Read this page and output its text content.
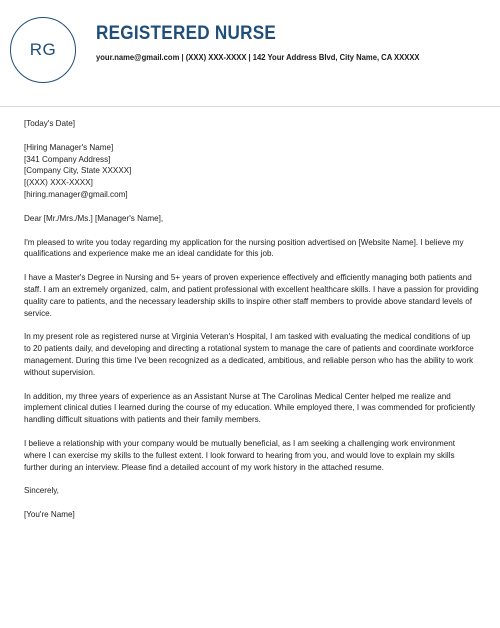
RG
REGISTERED NURSE
your.name@gmail.com | (XXX) XXX-XXXX | 142 Your Address Blvd, City Name, CA XXXXX

[Today's Date]

[Hiring Manager's Name]
[341 Company Address]
[Company City, State XXXXX]
[(XXX) XXX-XXXX]
[hiring.manager@gmail.com]

Dear [Mr./Mrs./Ms.] [Manager's Name],

I'm pleased to write you today regarding my application for the nursing position advertised on [Website Name]. I believe my qualifications and experience make me an ideal candidate for this job.

I have a Master's Degree in Nursing and 5+ years of proven experience effectively and efficiently managing both patients and staff. I am an extremely organized, calm, and patient professional with excellent healthcare skills. I have a passion for providing quality care to patients, and the necessary leadership skills to inspire other staff members to provide above standard levels of service.

In my present role as registered nurse at Virginia Veteran's Hospital, I am tasked with evaluating the medical conditions of up to 20 patients daily, and developing and directing a rotational system to manage the care of patients and coordinate workforce management. During this time I've been recognized as a dedicated, ambitious, and reliable person who has the ability to work without supervision.

In addition, my three years of experience as an Assistant Nurse at The Carolinas Medical Center helped me realize and implement clinical duties I learned during the course of my education. While employed there, I was commended for proficiently handling difficult situations with patients and their family members.

I believe a relationship with your company would be mutually beneficial, as I am seeking a challenging work environment where I can exercise my skills to the fullest extent. I look forward to hearing from you, and would love to explain my skills further during an interview. Please find a detailed account of my work history in the attached resume.

Sincerely,

[You're Name]
